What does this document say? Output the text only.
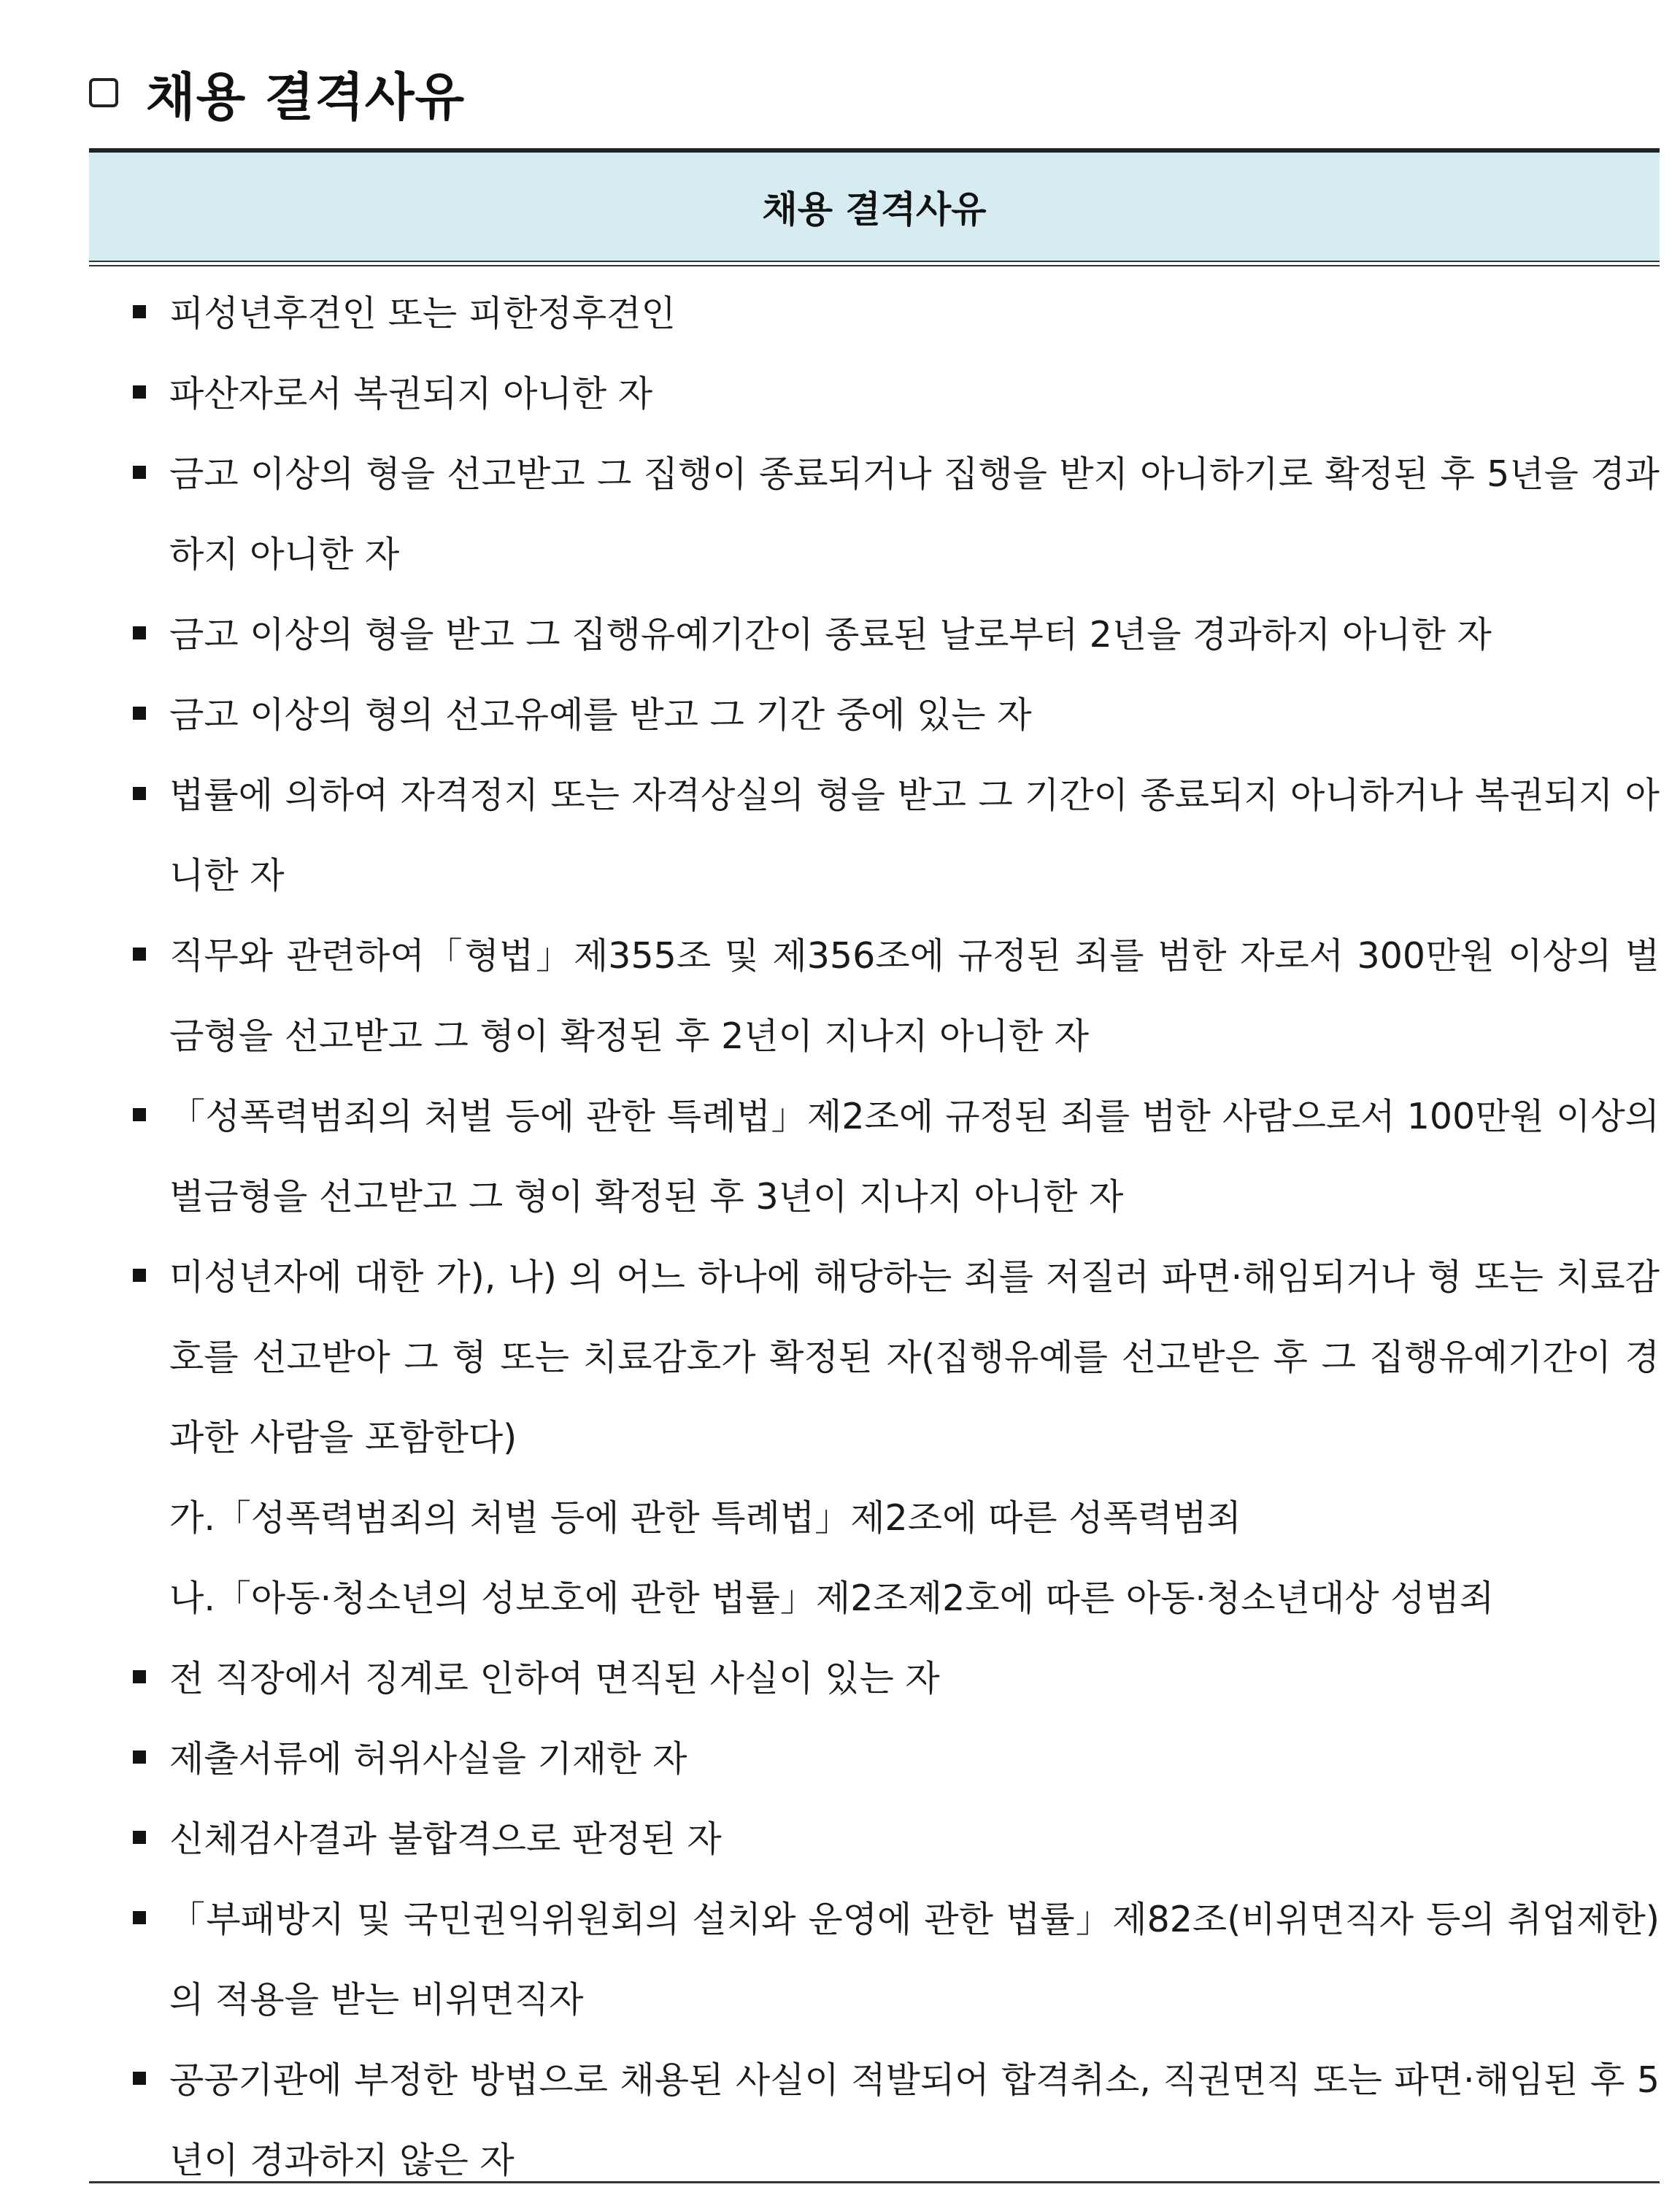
채용 결격사유
채용 결격사유
피성년후견인 또는 피한정후견인
파산자로서 복권되지 아니한 자
금고 이상의 형을 선고받고 그 집행이 종료되거나 집행을 받지 아니하기로 확정된 후 5년을 경과하지 아니한 자
금고 이상의 형을 받고 그 집행유예기간이 종료된 날로부터 2년을 경과하지 아니한 자
금고 이상의 형의 선고유예를 받고 그 기간 중에 있는 자
법률에 의하여 자격정지 또는 자격상실의 형을 받고 그 기간이 종료되지 아니하거나 복권되지 아니한 자
직무와 관련하여「형법」제355조 및 제356조에 규정된 죄를 범한 자로서 300만원 이상의 벌금형을 선고받고 그 형이 확정된 후 2년이 지나지 아니한 자
「성폭력범죄의 처벌 등에 관한 특례법」제2조에 규정된 죄를 범한 사람으로서 100만원 이상의 벌금형을 선고받고 그 형이 확정된 후 3년이 지나지 아니한 자
미성년자에 대한 가), 나) 의 어느 하나에 해당하는 죄를 저질러 파면·해임되거나 형 또는 치료감호를 선고받아 그 형 또는 치료감호가 확정된 자(집행유예를 선고받은 후 그 집행유예기간이 경과한 사람을 포함한다)
가.「성폭력범죄의 처벌 등에 관한 특례법」제2조에 따른 성폭력범죄
나.「아동·청소년의 성보호에 관한 법률」제2조제2호에 따른 아동·청소년대상 성범죄
전 직장에서 징계로 인하여 면직된 사실이 있는 자
제출서류에 허위사실을 기재한 자
신체검사결과 불합격으로 판정된 자
「부패방지 및 국민권익위원회의 설치와 운영에 관한 법률」제82조(비위면직자 등의 취업제한)의 적용을 받는 비위면직자
공공기관에 부정한 방법으로 채용된 사실이 적발되어 합격취소, 직권면직 또는 파면·해임된 후 5년이 경과하지 않은 자
